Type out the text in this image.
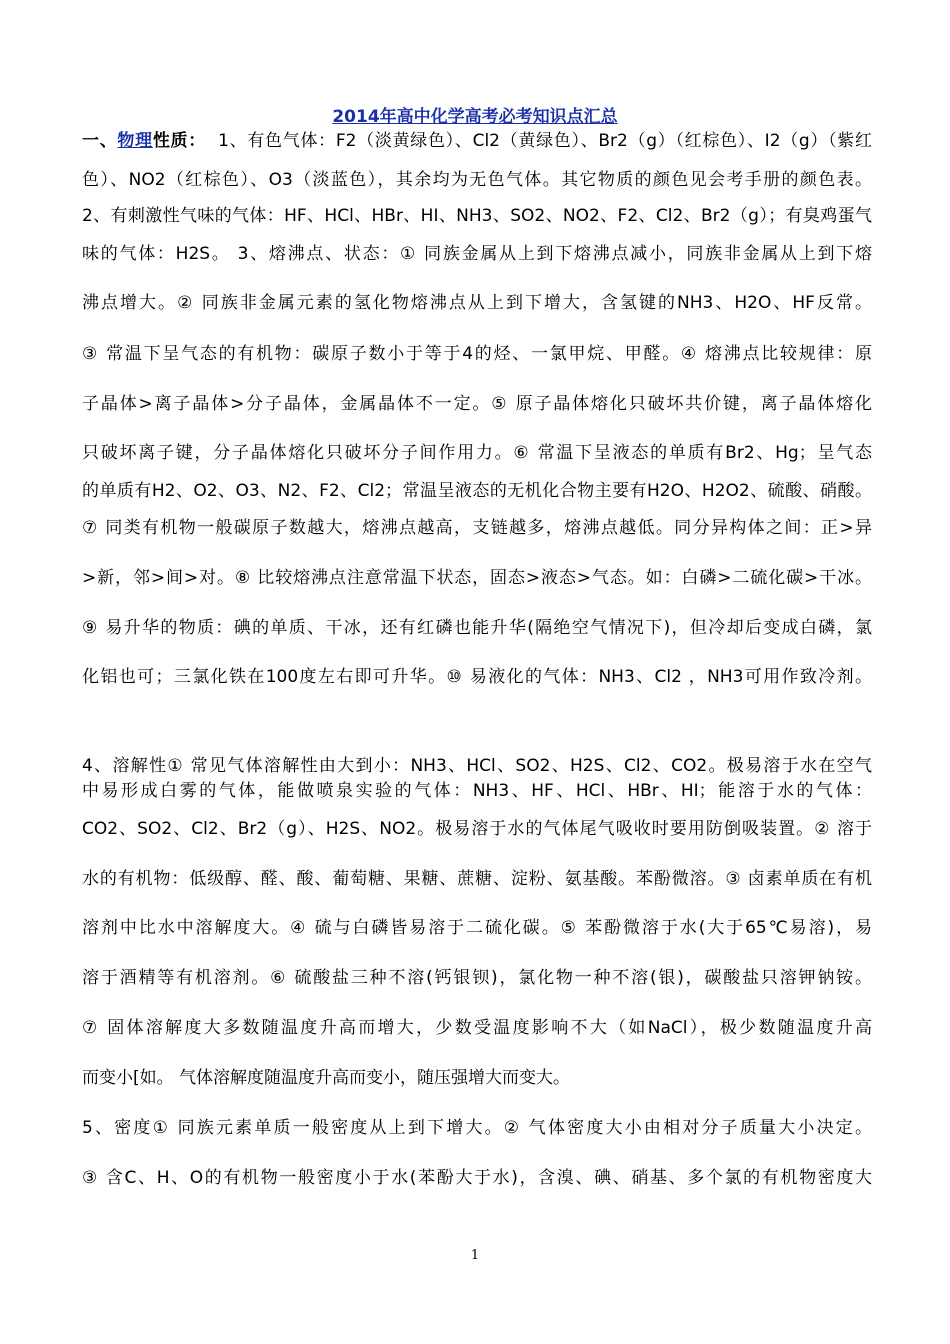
2014年高中化学高考必考知识点汇总
一、物理性质： 1、有色气体：F2（淡黄绿色）、Cl2（黄绿色）、Br2（g）（红棕色）、I2（g）（紫红
色）、NO2（红棕色）、O3（淡蓝色），其余均为无色气体。其它物质的颜色见会考手册的颜色表。
2、有刺激性气味的气体：HF、HCl、HBr、HI、NH3、SO2、NO2、F2、Cl2、Br2（g）；有臭鸡蛋气
味的气体：H2S。 3、熔沸点、状态：① 同族金属从上到下熔沸点减小，同族非金属从上到下熔
沸点增大。② 同族非金属元素的氢化物熔沸点从上到下增大，含氢键的NH3、H2O、HF反常。
③ 常温下呈气态的有机物：碳原子数小于等于4的烃、一氯甲烷、甲醛。④ 熔沸点比较规律：原
子晶体>离子晶体>分子晶体，金属晶体不一定。⑤ 原子晶体熔化只破坏共价键，离子晶体熔化
只破坏离子键，分子晶体熔化只破坏分子间作用力。⑥ 常温下呈液态的单质有Br2、Hg；呈气态
的单质有H2、O2、O3、N2、F2、Cl2；常温呈液态的无机化合物主要有H2O、H2O2、硫酸、硝酸。
⑦ 同类有机物一般碳原子数越大，熔沸点越高，支链越多，熔沸点越低。同分异构体之间：正>异
>新，邻>间>对。⑧ 比较熔沸点注意常温下状态，固态>液态>气态。如：白磷>二硫化碳>干冰。
⑨ 易升华的物质：碘的单质、干冰，还有红磷也能升华(隔绝空气情况下)，但冷却后变成白磷，氯
化铝也可；三氯化铁在100度左右即可升华。⑩ 易液化的气体：NH3、Cl2 ，NH3可用作致冷剂。
4、溶解性① 常见气体溶解性由大到小：NH3、HCl、SO2、H2S、Cl2、CO2。极易溶于水在空气
中易形成白雾的气体，能做喷泉实验的气体：NH3、HF、HCl、HBr、HI；能溶于水的气体：
CO2、SO2、Cl2、Br2（g）、H2S、NO2。极易溶于水的气体尾气吸收时要用防倒吸装置。② 溶于
水的有机物：低级醇、醛、酸、葡萄糖、果糖、蔗糖、淀粉、氨基酸。苯酚微溶。③ 卤素单质在有机
溶剂中比水中溶解度大。④ 硫与白磷皆易溶于二硫化碳。⑤ 苯酚微溶于水(大于65℃易溶)，易
溶于酒精等有机溶剂。⑥ 硫酸盐三种不溶(钙银钡)，氯化物一种不溶(银)，碳酸盐只溶钾钠铵。
⑦ 固体溶解度大多数随温度升高而增大，少数受温度影响不大（如NaCl），极少数随温度升高
而变小[如。 气体溶解度随温度升高而变小，随压强增大而变大。
5、密度① 同族元素单质一般密度从上到下增大。② 气体密度大小由相对分子质量大小决定。
③ 含C、H、O的有机物一般密度小于水(苯酚大于水)，含溴、碘、硝基、多个氯的有机物密度大
1
